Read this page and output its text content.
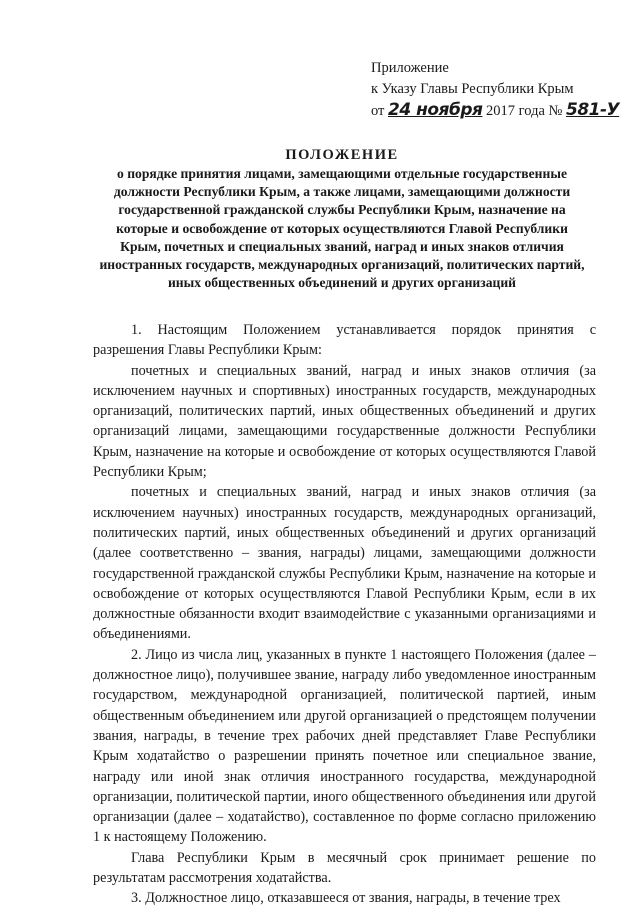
Приложение
к Указу Главы Республики Крым
от 24 ноября 2017 года № 581-У
ПОЛОЖЕНИЕ
о порядке принятия лицами, замещающими отдельные государственные должности Республики Крым, а также лицами, замещающими должности государственной гражданской службы Республики Крым, назначение на которые и освобождение от которых осуществляются Главой Республики Крым, почетных и специальных званий, наград и иных знаков отличия иностранных государств, международных организаций, политических партий, иных общественных объединений и других организаций

1. Настоящим Положением устанавливается порядок принятия с разрешения Главы Республики Крым:

почетных и специальных званий, наград и иных знаков отличия (за исключением научных и спортивных) иностранных государств, международных организаций, политических партий, иных общественных объединений и других организаций лицами, замещающими государственные должности Республики Крым, назначение на которые и освобождение от которых осуществляются Главой Республики Крым;

почетных и специальных званий, наград и иных знаков отличия (за исключением научных) иностранных государств, международных организаций, политических партий, иных общественных объединений и других организаций (далее соответственно – звания, награды) лицами, замещающими должности государственной гражданской службы Республики Крым, назначение на которые и освобождение от которых осуществляются Главой Республики Крым, если в их должностные обязанности входит взаимодействие с указанными организациями и объединениями.

2. Лицо из числа лиц, указанных в пункте 1 настоящего Положения (далее – должностное лицо), получившее звание, награду либо уведомленное иностранным государством, международной организацией, политической партией, иным общественным объединением или другой организацией о предстоящем получении звания, награды, в течение трех рабочих дней представляет Главе Республики Крым ходатайство о разрешении принять почетное или специальное звание, награду или иной знак отличия иностранного государства, международной организации, политической партии, иного общественного объединения или другой организации (далее – ходатайство), составленное по форме согласно приложению 1 к настоящему Положению.

Глава Республики Крым в месячный срок принимает решение по результатам рассмотрения ходатайства.

3. Должностное лицо, отказавшееся от звания, награды, в течение трех
